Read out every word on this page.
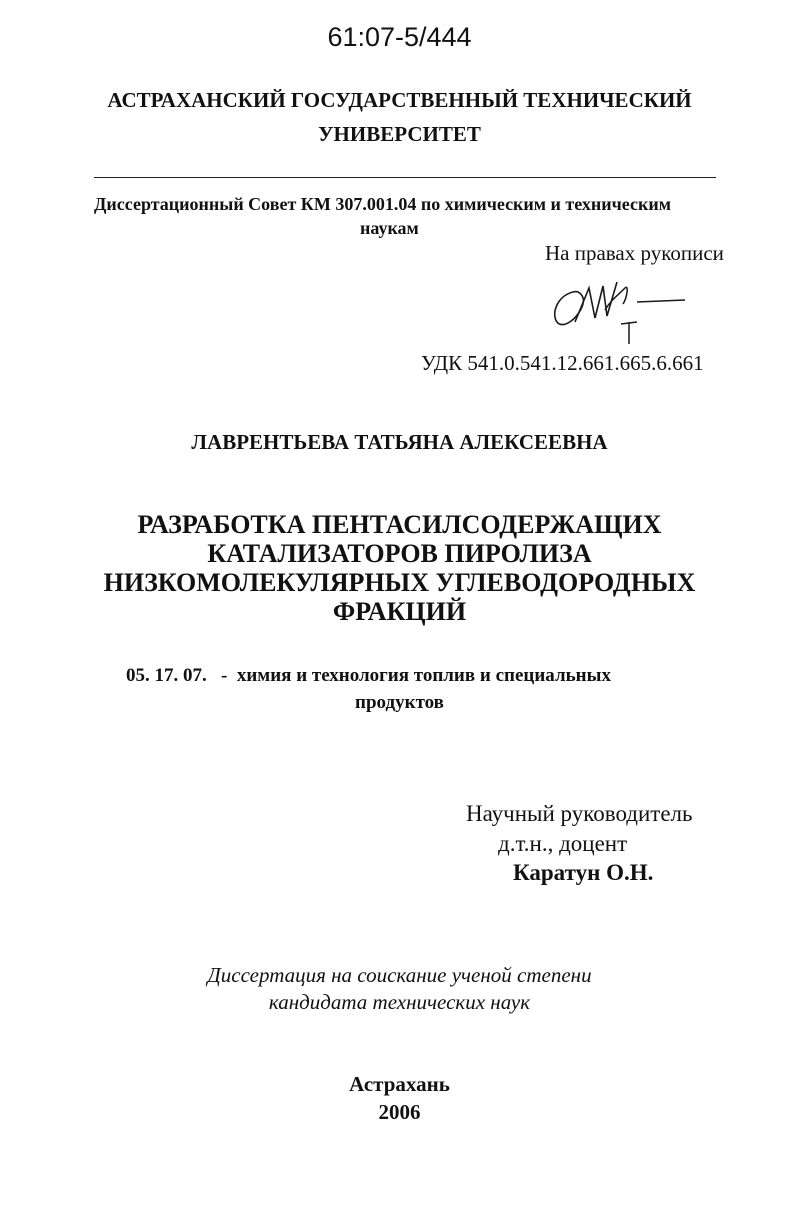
61:07-5/444
АСТРАХАНСКИЙ ГОСУДАРСТВЕННЫЙ ТЕХНИЧЕСКИЙ
УНИВЕРСИТЕТ
Диссертационный Совет КМ 307.001.04 по химическим и техническим
наукам
На правах рукописи
УДК 541.0.541.12.661.665.6.661
ЛАВРЕНТЬЕВА ТАТЬЯНА АЛЕКСЕЕВНА
РАЗРАБОТКА ПЕНТАСИЛСОДЕРЖАЩИХ
КАТАЛИЗАТОРОВ ПИРОЛИЗА
НИЗКОМОЛЕКУЛЯРНЫХ УГЛЕВОДОРОДНЫХ
ФРАКЦИЙ
05. 17. 07.   -  химия и технология топлив и специальных
продуктов
Научный руководитель
д.т.н., доцент
Каратун О.Н.
Диссертация на соискание ученой степени
кандидата технических наук
Астрахань
2006
